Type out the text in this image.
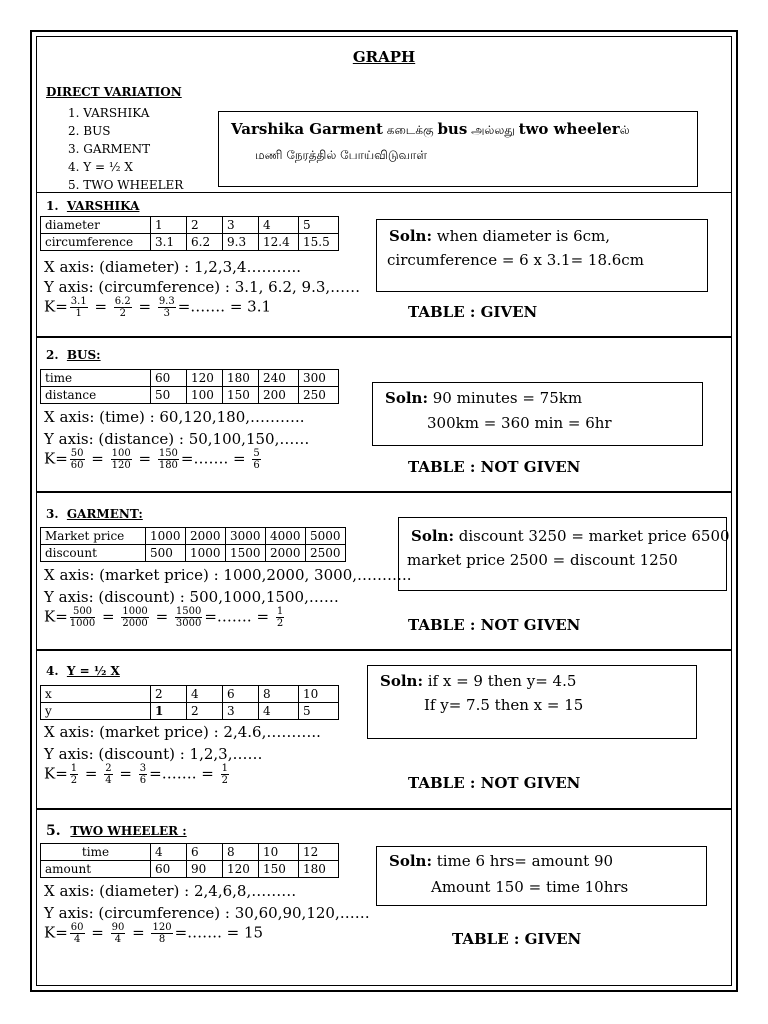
GRAPH
DIRECT VARIATION
1. VARSHIKA
2. BUS
3. GARMENT
4. Y = ½ X
5. TWO WHEELER
Varshika Garment கடைக்கு bus அல்லது two wheelerல்
மணி நேரத்தில் போய்விடுவாள்
1. VARSHIKA
diameter	1	2	3	4	5
circumference	3.1	6.2	9.3	12.4	15.5
X axis: (diameter) : 1,2,3,4………..
Y axis: (circumference) : 3.1, 6.2, 9.3,……
$K= \frac{3.1}{1} = \frac{6.2}{2} = \frac{9.3}{3}$ =……. = 3.1
Soln: when diameter is 6cm,
circumference = 6 x 3.1= 18.6cm
TABLE : GIVEN
2. BUS:
time	60	120	180	240	300
distance	50	100	150	200	250
X axis: (time) : 60,120,180,………..
Y axis: (distance) : 50,100,150,……
$K= \frac{50}{60} = \frac{100}{120} = \frac{150}{180}$ =……. = $\frac{5}{6}$
Soln: 90 minutes = 75km
300km = 360 min = 6hr
TABLE : NOT GIVEN
3. GARMENT:
Market price	1000	2000	3000	4000	5000
discount	500	1000	1500	2000	2500
X axis: (market price) : 1000,2000, 3000,………..
Y axis: (discount) : 500,1000,1500,……
$K= \frac{500}{1000} = \frac{1000}{2000} = \frac{1500}{3000}$ =……. = $\frac{1}{2}$
Soln: discount 3250 = market price 6500
market price 2500 = discount 1250
TABLE : NOT GIVEN
4. Y = ½ X
x	2	4	6	8	10
y	1	2	3	4	5
X axis: (market price) : 2,4.6,………..
Y axis: (discount) : 1,2,3,……
$K= \frac{1}{2} = \frac{2}{4} = \frac{3}{6}$ =……. = $\frac{1}{2}$
Soln: if x = 9 then y= 4.5
If y= 7.5 then x = 15
TABLE : NOT GIVEN
5. TWO WHEELER :
time	4	6	8	10	12
amount	60	90	120	150	180
X axis: (diameter) : 2,4,6,8,………
Y axis: (circumference) : 30,60,90,120,……
$K= \frac{60}{4} = \frac{90}{4} = \frac{120}{8}$ =……. = 15
Soln: time 6 hrs= amount 90
Amount 150 = time 10hrs
TABLE : GIVEN
